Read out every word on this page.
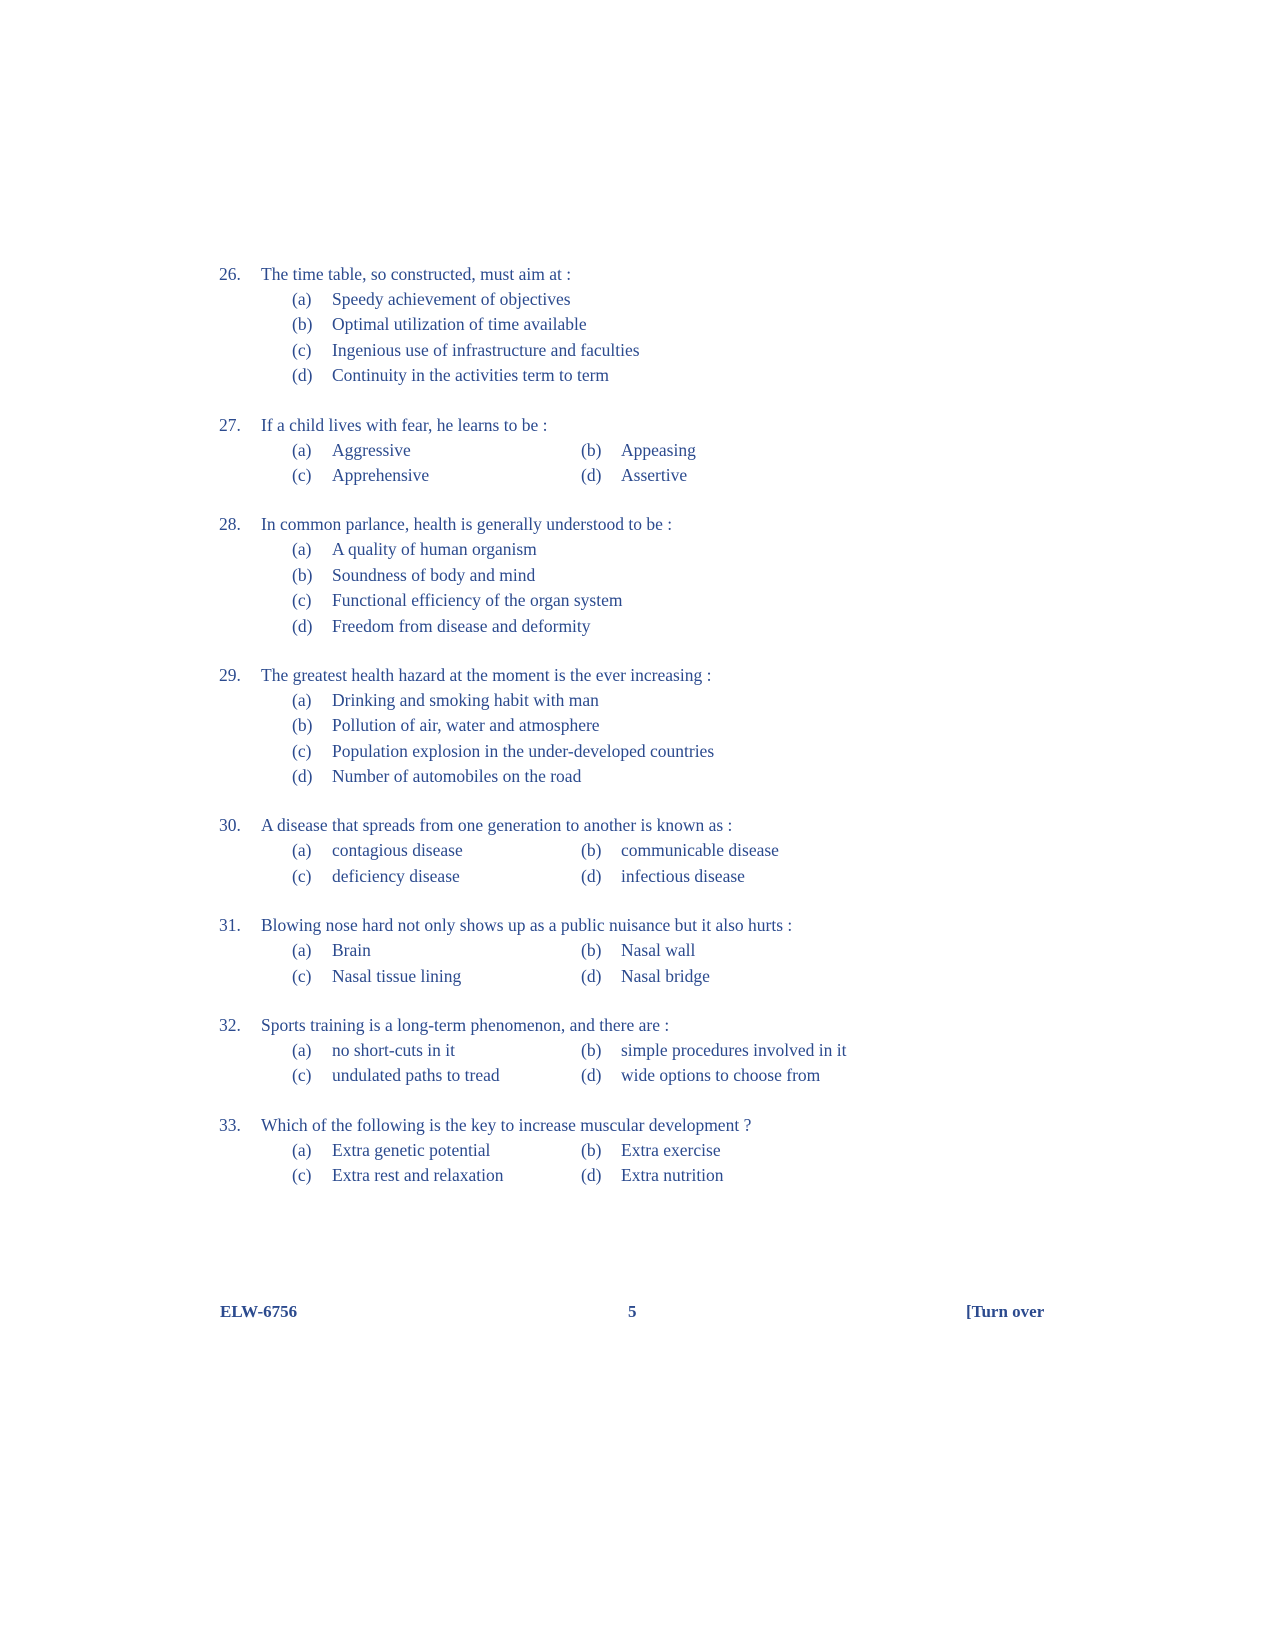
26.	The time table, so constructed, must aim at :
(a)	Speedy achievement of objectives
(b)	Optimal utilization of time available
(c)	Ingenious use of infrastructure and faculties
(d)	Continuity in the activities term to term
27.	If a child lives with fear, he learns to be :
(a)	Aggressive	(b)	Appeasing
(c)	Apprehensive	(d)	Assertive
28.	In common parlance, health is generally understood to be :
(a)	A quality of human organism
(b)	Soundness of body and mind
(c)	Functional efficiency of the organ system
(d)	Freedom from disease and deformity
29.	The greatest health hazard at the moment is the ever increasing :
(a)	Drinking and smoking habit with man
(b)	Pollution of air, water and atmosphere
(c)	Population explosion in the under-developed countries
(d)	Number of automobiles on the road
30.	A disease that spreads from one generation to another is known as :
(a)	contagious disease	(b)	communicable disease
(c)	deficiency disease	(d)	infectious disease
31.	Blowing nose hard not only shows up as a public nuisance but it also hurts :
(a)	Brain	(b)	Nasal wall
(c)	Nasal tissue lining	(d)	Nasal bridge
32.	Sports training is a long-term phenomenon, and there are :
(a)	no short-cuts in it	(b)	simple procedures involved in it
(c)	undulated paths to tread	(d)	wide options to choose from
33.	Which of the following is the key to increase muscular development ?
(a)	Extra genetic potential	(b)	Extra exercise
(c)	Extra rest and relaxation	(d)	Extra nutrition
ELW-6756	5	[Turn over
